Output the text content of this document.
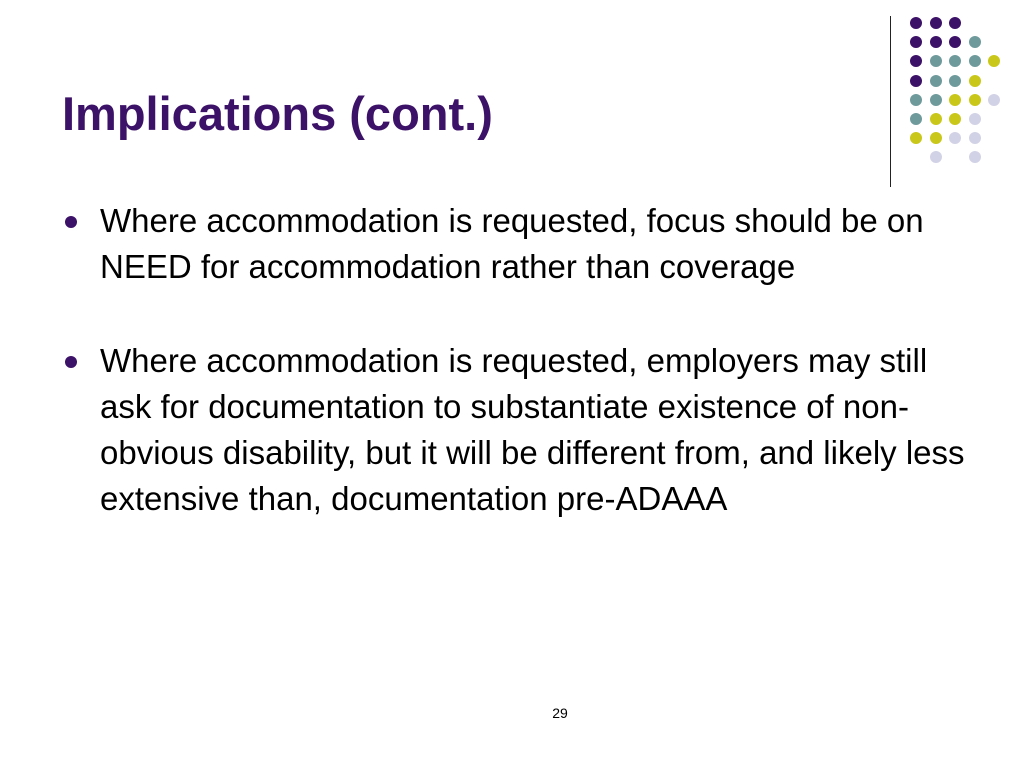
Implications (cont.)
Where accommodation is requested, focus should be on NEED for accommodation rather than coverage
Where accommodation is requested, employers may still ask for documentation to substantiate existence of non-obvious disability, but it will be different from, and likely less extensive than, documentation pre-ADAAA
29
